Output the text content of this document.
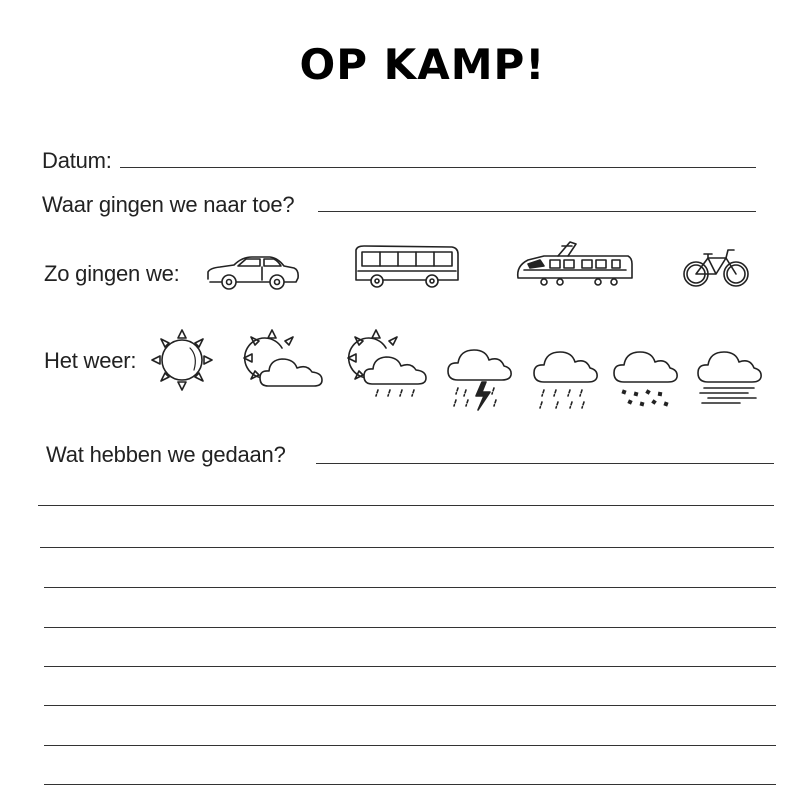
OP KAMP!
Datum:
Waar gingen we naar toe?
Zo gingen we:
Het weer:
Wat hebben we gedaan?
